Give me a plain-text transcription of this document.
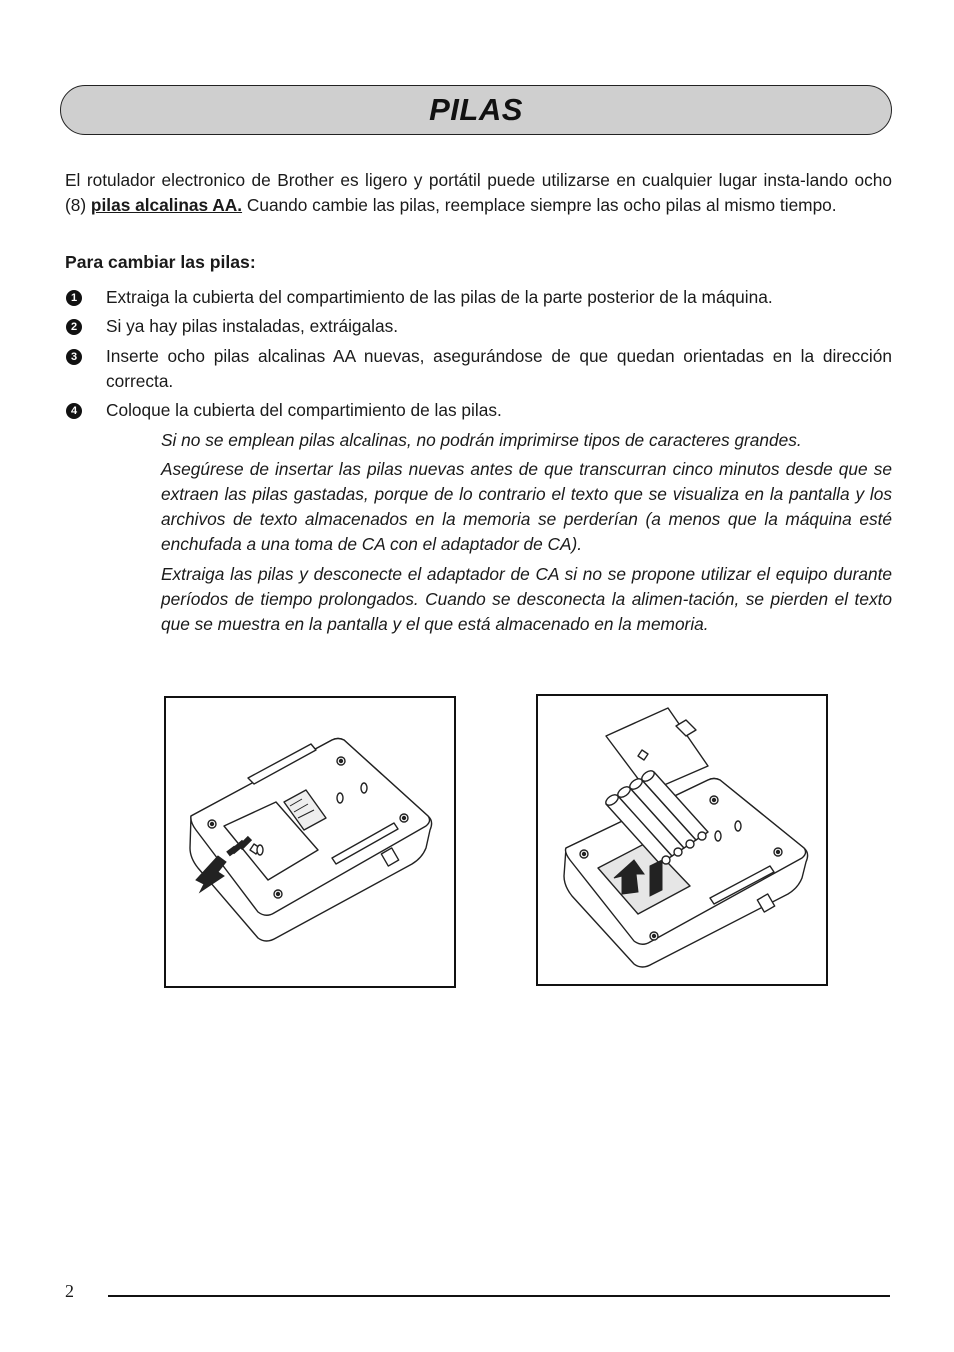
PILAS
El rotulador electronico de Brother es ligero y portátil puede utilizarse en cualquier lugar insta-lando ocho (8) pilas alcalinas AA. Cuando cambie las pilas, reemplace siempre las ocho pilas al mismo tiempo.
Para cambiar las pilas:
1 Extraiga la cubierta del compartimiento de las pilas de la parte posterior de la máquina.
2 Si ya hay pilas instaladas, extráigalas.
3 Inserte ocho pilas alcalinas AA nuevas, asegurándose de que quedan orientadas en la dirección correcta.
4 Coloque la cubierta del compartimiento de las pilas.
Si no se emplean pilas alcalinas, no podrán imprimirse tipos de caracteres grandes.
Asegúrese de insertar las pilas nuevas antes de que transcurran cinco minutos desde que se extraen las pilas gastadas, porque de lo contrario el texto que se visualiza en la pantalla y los archivos de texto almacenados en la memoria se perderían (a menos que la máquina esté enchufada a una toma de CA con el adaptador de CA).
Extraiga las pilas y desconecte el adaptador de CA si no se propone utilizar el equipo durante períodos de tiempo prolongados. Cuando se desconecta la alimen-tación, se pierden el texto que se muestra en la pantalla y el que está almacenado en la memoria.
2
